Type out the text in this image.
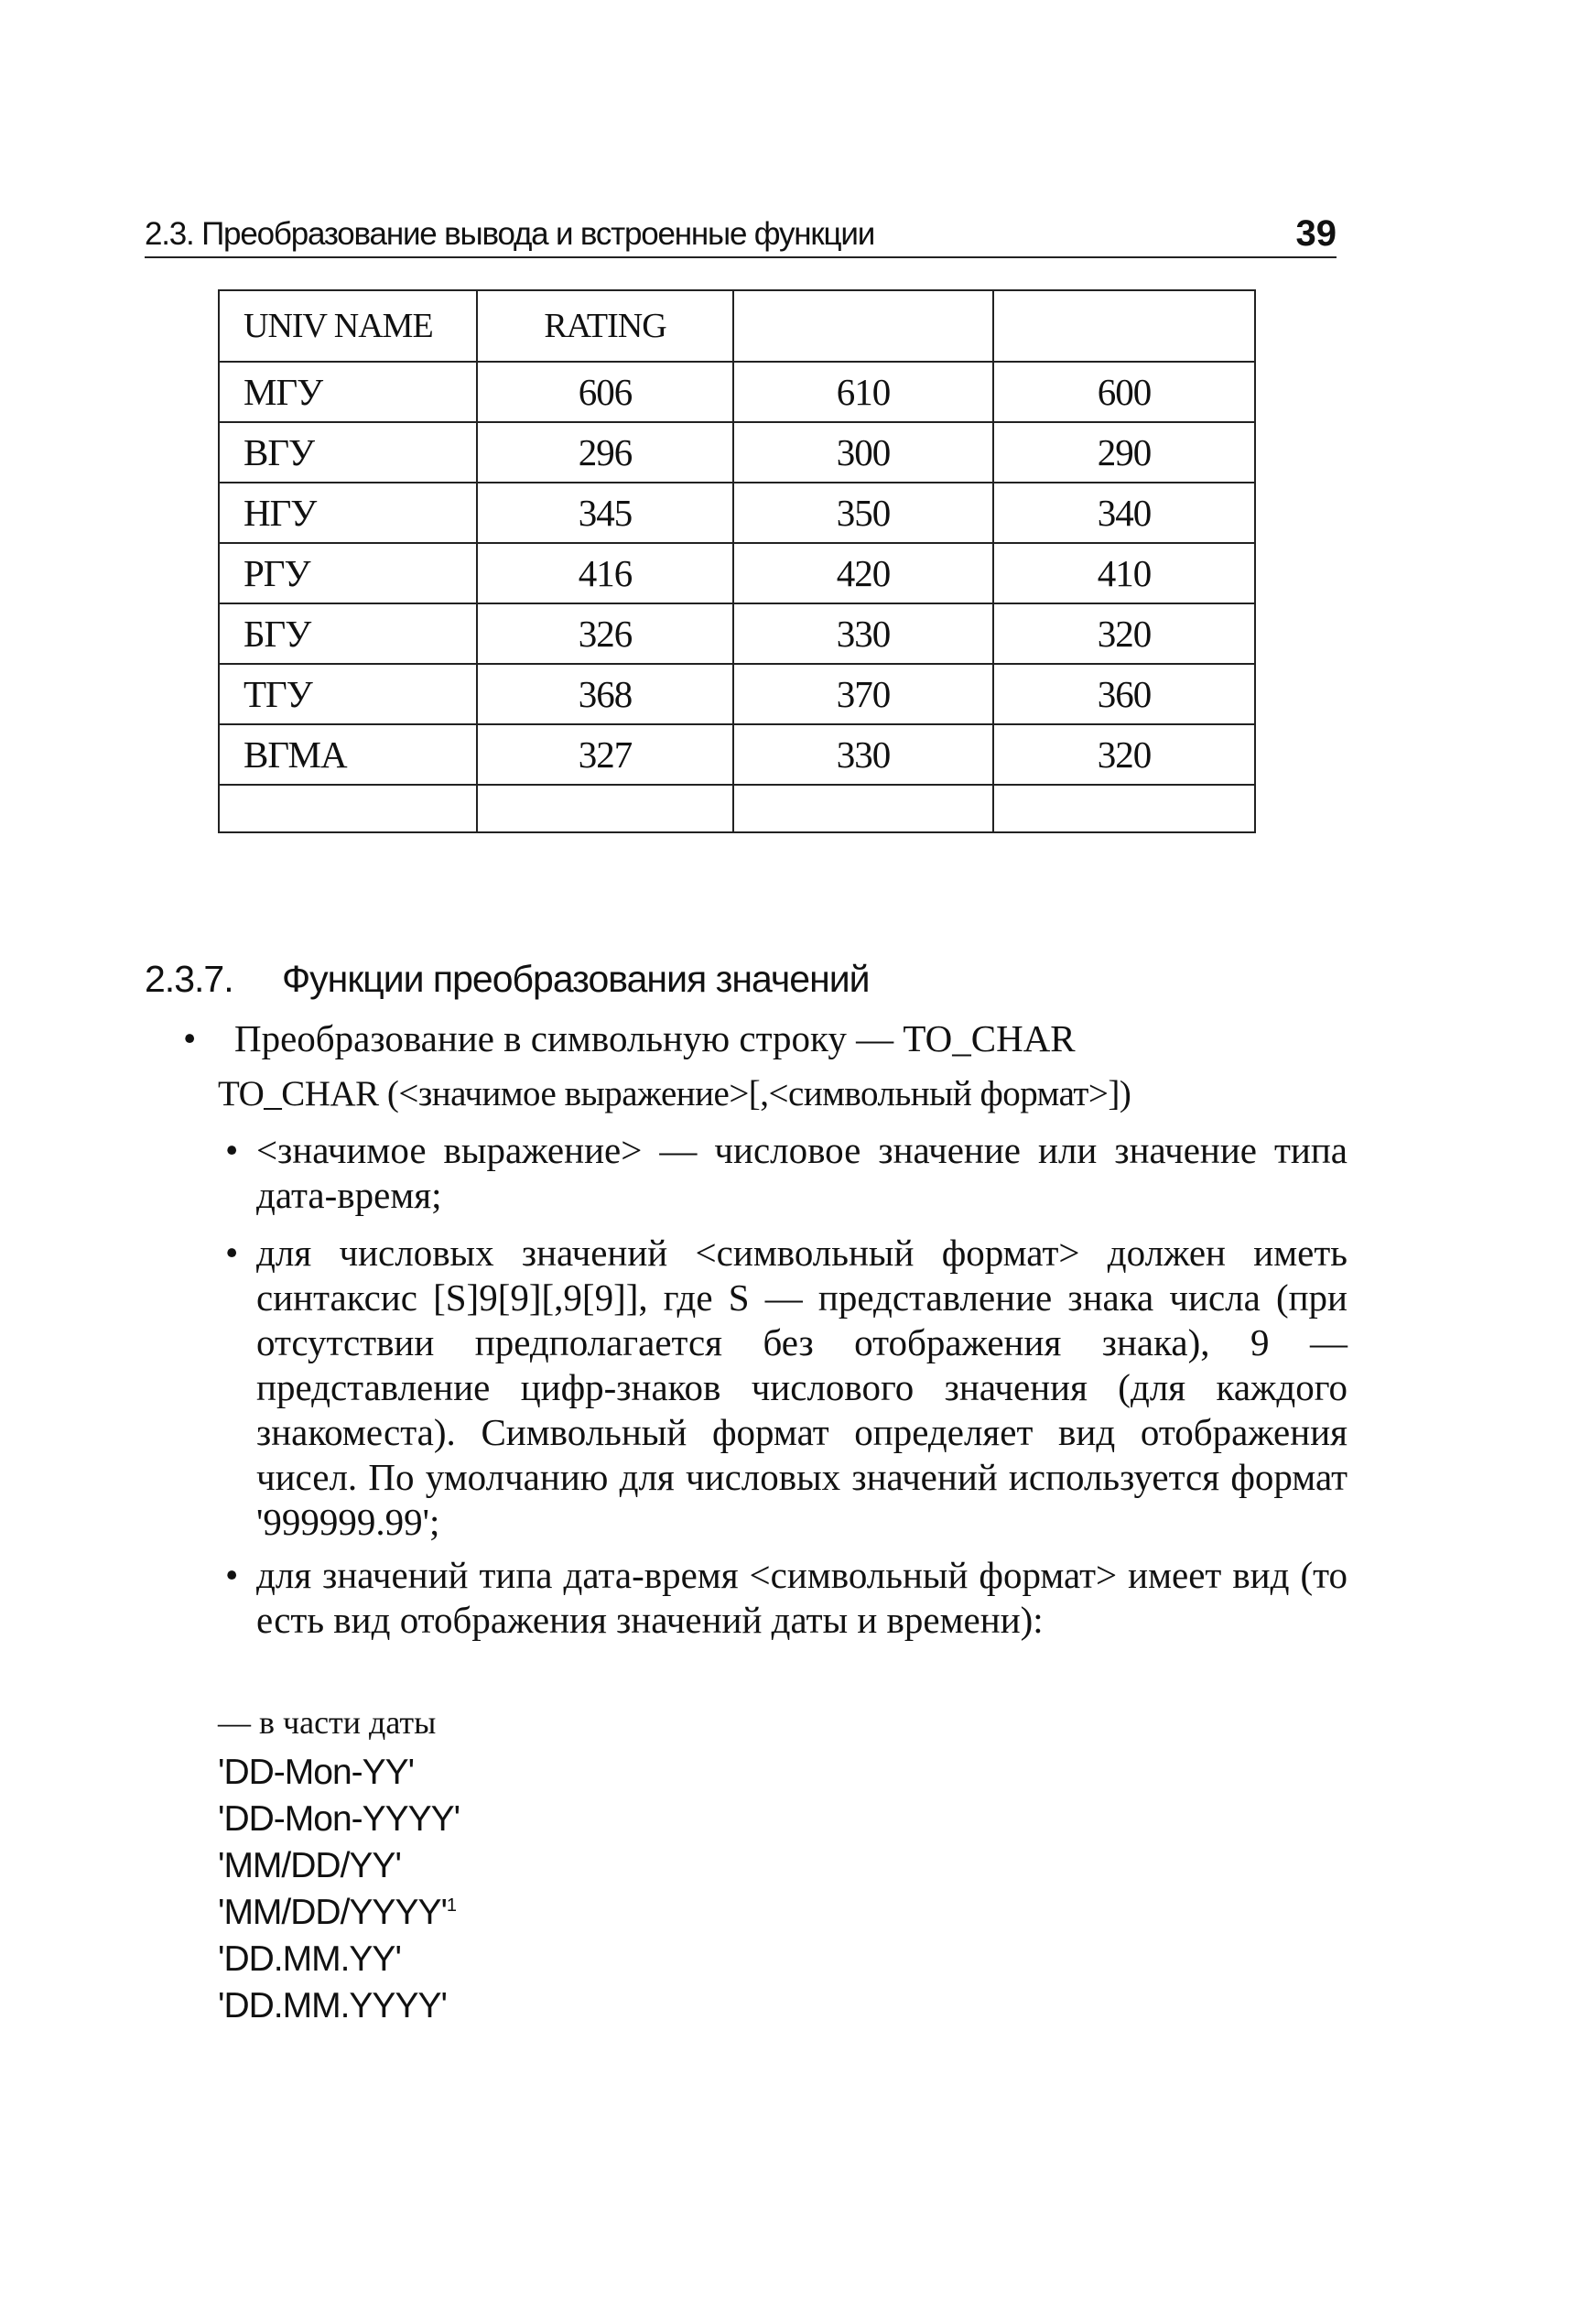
2.3. Преобразование вывода и встроенные функции	39
UNIV NAME	RATING		
МГУ	606	610	600
ВГУ	296	300	290
НГУ	345	350	340
РГУ	416	420	410
БГУ	326	330	320
ТГУ	368	370	360
ВГМА	327	330	320

2.3.7. Функции преобразования значений
• Преобразование в символьную строку — TO_CHAR
TO_CHAR (<значимое выражение>[,<символьный формат>])
• <значимое выражение> — числовое значение или значение типа дата-время;
• для числовых значений <символьный формат> должен иметь синтаксис [S]9[9][,9[9]], где S — представление знака числа (при отсутствии предполагается без отображения знака), 9 — представление цифр-знаков числового значения (для каждого знакоместа). Символьный формат определяет вид отображения чисел. По умолчанию для числовых значений используется формат '999999.99';
• для значений типа дата-время <символьный формат> имеет вид (то есть вид отображения значений даты и времени):
— в части даты
'DD-Mon-YY'
'DD-Mon-YYYY'
'MM/DD/YY'
'$MM/DD/YYYY'^1$
'DD.MM.YY'
'DD.MM.YYYY'
